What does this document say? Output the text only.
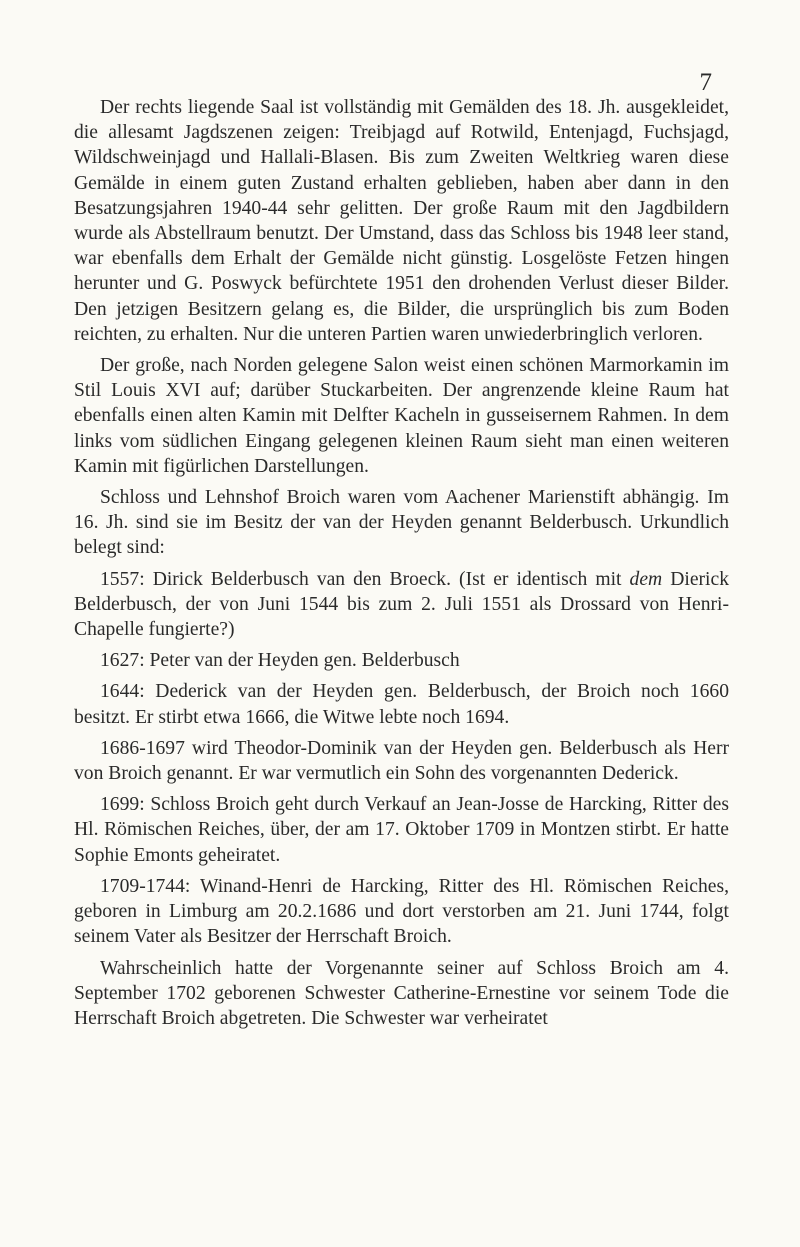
7

Der rechts liegende Saal ist vollständig mit Gemälden des 18. Jh. ausgekleidet, die allesamt Jagdszenen zeigen: Treibjagd auf Rotwild, Entenjagd, Fuchsjagd, Wildschweinjagd und Hallali-Blasen. Bis zum Zweiten Weltkrieg waren diese Gemälde in einem guten Zustand erhalten geblieben, haben aber dann in den Besatzungsjahren 1940-44 sehr gelitten. Der große Raum mit den Jagdbildern wurde als Abstellraum benutzt. Der Umstand, dass das Schloss bis 1948 leer stand, war ebenfalls dem Erhalt der Gemälde nicht günstig. Losgelöste Fetzen hingen herunter und G. Poswyck befürchtete 1951 den drohenden Verlust dieser Bilder. Den jetzigen Besitzern gelang es, die Bilder, die ursprünglich bis zum Boden reichten, zu erhalten. Nur die unteren Partien waren unwiederbringlich verloren.

Der große, nach Norden gelegene Salon weist einen schönen Marmorkamin im Stil Louis XVI auf; darüber Stuckarbeiten. Der angrenzende kleine Raum hat ebenfalls einen alten Kamin mit Delfter Kacheln in gusseisernem Rahmen. In dem links vom südlichen Eingang gelegenen kleinen Raum sieht man einen weiteren Kamin mit figürlichen Darstellungen.

Schloss und Lehnshof Broich waren vom Aachener Marienstift abhängig. Im 16. Jh. sind sie im Besitz der van der Heyden genannt Belderbusch. Urkundlich belegt sind:

1557: Dirick Belderbusch van den Broeck. (Ist er identisch mit dem Dierick Belderbusch, der von Juni 1544 bis zum 2. Juli 1551 als Drossard von Henri-Chapelle fungierte?)

1627: Peter van der Heyden gen. Belderbusch

1644: Dederick van der Heyden gen. Belderbusch, der Broich noch 1660 besitzt. Er stirbt etwa 1666, die Witwe lebte noch 1694.

1686-1697 wird Theodor-Dominik van der Heyden gen. Belderbusch als Herr von Broich genannt. Er war vermutlich ein Sohn des vorgenannten Dederick.

1699: Schloss Broich geht durch Verkauf an Jean-Josse de Harcking, Ritter des Hl. Römischen Reiches, über, der am 17. Oktober 1709 in Montzen stirbt. Er hatte Sophie Emonts geheiratet.

1709-1744: Winand-Henri de Harcking, Ritter des Hl. Römischen Reiches, geboren in Limburg am 20.2.1686 und dort verstorben am 21. Juni 1744, folgt seinem Vater als Besitzer der Herrschaft Broich.

Wahrscheinlich hatte der Vorgenannte seiner auf Schloss Broich am 4. September 1702 geborenen Schwester Catherine-Ernestine vor seinem Tode die Herrschaft Broich abgetreten. Die Schwester war verheiratet
